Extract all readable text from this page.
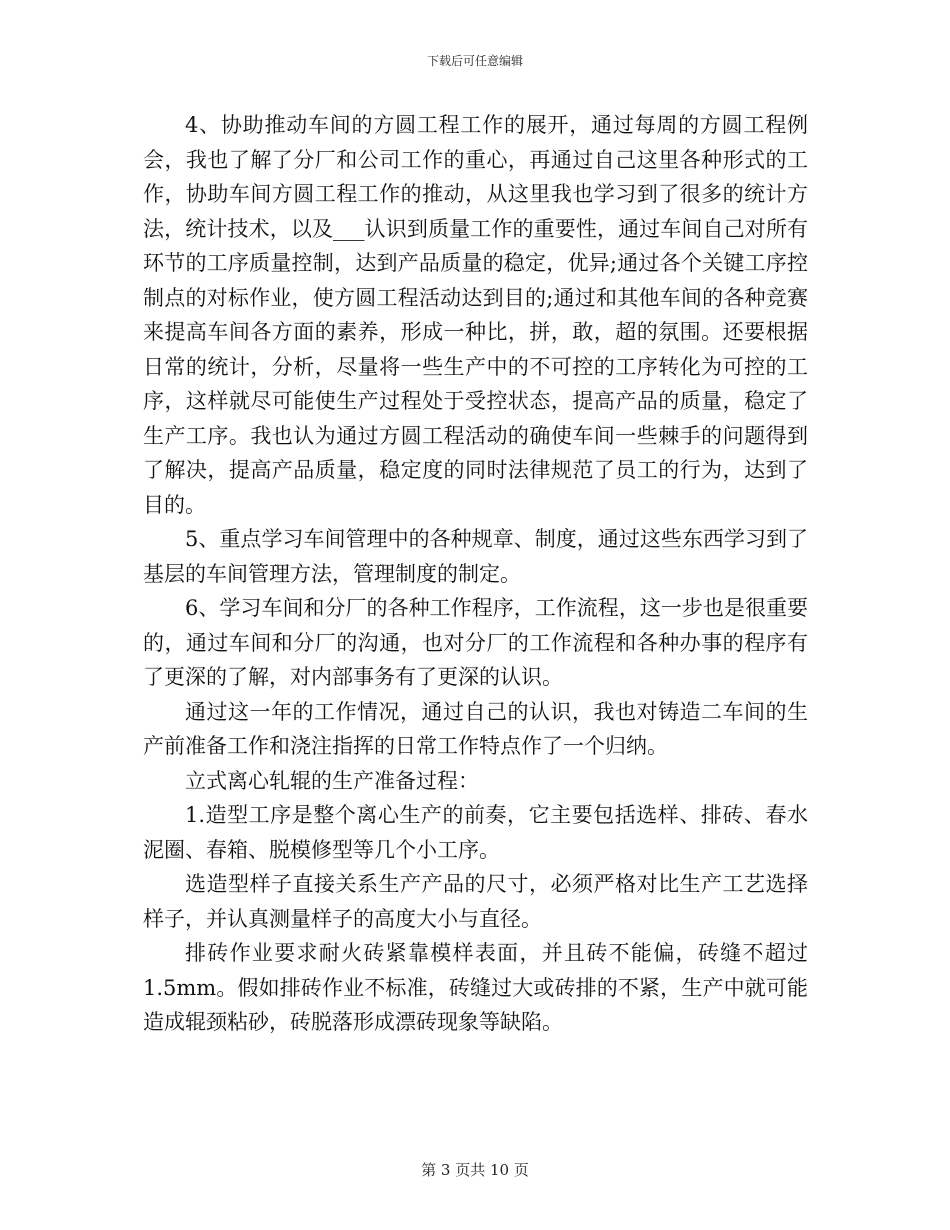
下载后可任意编辑

4、协助推动车间的方圆工程工作的展开，通过每周的方圆工程例会，我也了解了分厂和公司工作的重心，再通过自己这里各种形式的工作，协助车间方圆工程工作的推动，从这里我也学习到了很多的统计方法，统计技术，以及___认识到质量工作的重要性，通过车间自己对所有环节的工序质量控制，达到产品质量的稳定，优异;通过各个关键工序控制点的对标作业，使方圆工程活动达到目的;通过和其他车间的各种竞赛来提高车间各方面的素养，形成一种比，拼，敢，超的氛围。还要根据日常的统计，分析，尽量将一些生产中的不可控的工序转化为可控的工序，这样就尽可能使生产过程处于受控状态，提高产品的质量，稳定了生产工序。我也认为通过方圆工程活动的确使车间一些棘手的问题得到了解决，提高产品质量，稳定度的同时法律规范了员工的行为，达到了目的。

5、重点学习车间管理中的各种规章、制度，通过这些东西学习到了基层的车间管理方法，管理制度的制定。

6、学习车间和分厂的各种工作程序，工作流程，这一步也是很重要的，通过车间和分厂的沟通，也对分厂的工作流程和各种办事的程序有了更深的了解，对内部事务有了更深的认识。

通过这一年的工作情况，通过自己的认识，我也对铸造二车间的生产前准备工作和浇注指挥的日常工作特点作了一个归纳。

立式离心轧辊的生产准备过程：

1.造型工序是整个离心生产的前奏，它主要包括选样、排砖、春水泥圈、春箱、脱模修型等几个小工序。

选造型样子直接关系生产产品的尺寸，必须严格对比生产工艺选择样子，并认真测量样子的高度大小与直径。

排砖作业要求耐火砖紧靠模样表面，并且砖不能偏，砖缝不超过1.5mm。假如排砖作业不标准，砖缝过大或砖排的不紧，生产中就可能造成辊颈粘砂，砖脱落形成漂砖现象等缺陷。

第 3 页共 10 页
